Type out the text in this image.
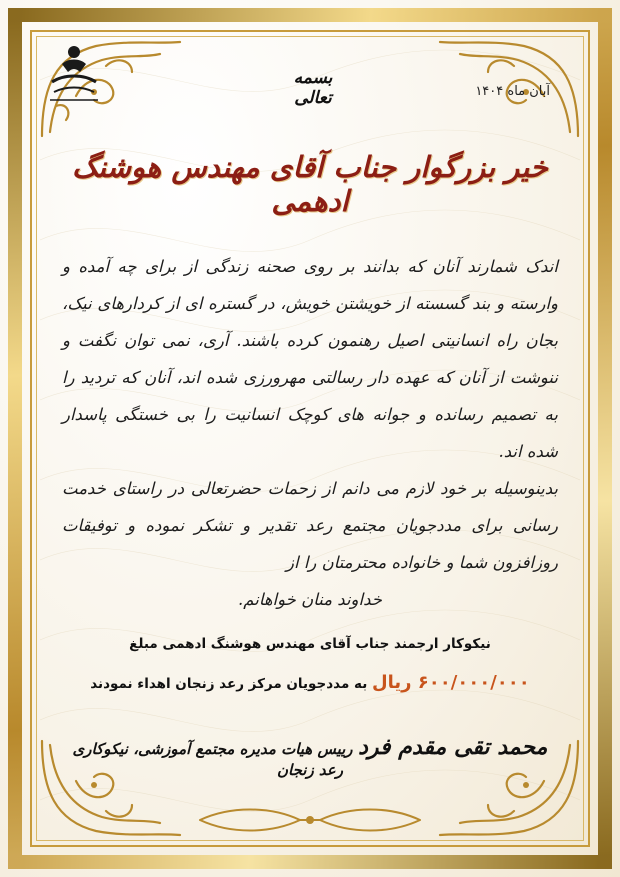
بسمه تعالی	آبان ماه ۱۴۰۴
خیر بزرگوار جناب آقای مهندس هوشنگ ادهمی

اندک شمارند آنان که بدانند بر روی صحنه زندگی از برای چه آمده و وارسته و بند گسسته از خویشتن خویش، در گستره ای از کردارهای نیک، بجان راه انسانیتی اصیل رهنمون کرده باشند. آری، نمی توان نگفت و ننوشت از آنان که عهده دار رسالتی مهرورزی شده اند، آنان که تردید را به تصمیم رسانده و جوانه های کوچک انسانیت را بی خستگی پاسدار شده اند.

بدینوسیله بر خود لازم می دانم از زحمات حضرتعالی در راستای خدمت رسانی برای مددجویان مجتمع رعد تقدیر و تشکر نموده و توفیقات روزافزون شما و خانواده محترمتان را از

خداوند منان خواهانم.

نیکوکار ارجمند جناب آقای مهندس هوشنگ ادهمی مبلغ
۶۰۰/۰۰۰/۰۰۰ ریال به مددجویان مرکز رعد زنجان اهداء نمودند
محمد تقی مقدم فرد رییس هیات مدیره مجتمع آموزشی، نیکوکاری رعد زنجان
